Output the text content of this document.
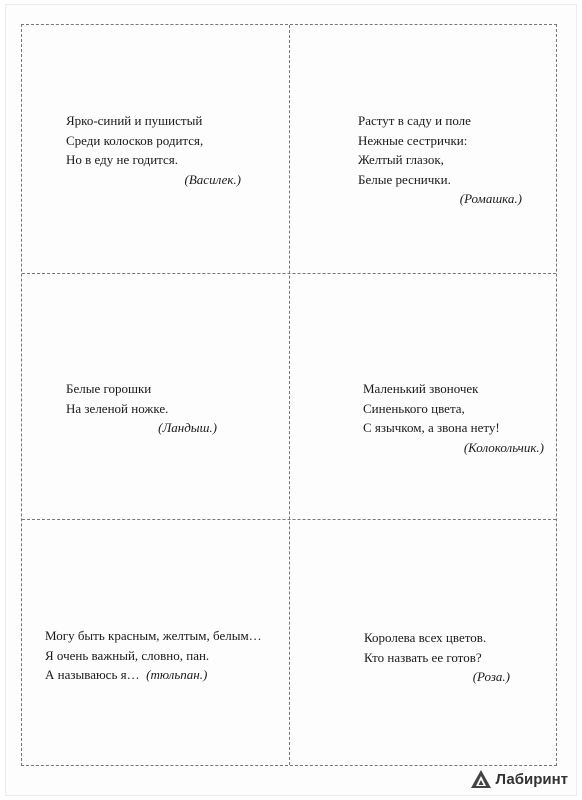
Ярко-синий и пушистый
Среди колосков родится,
Но в еду не годится.
(Василек.)
Растут в саду и поле
Нежные сестрички:
Желтый глазок,
Белые реснички.
(Ромашка.)
Белые горошки
На зеленой ножке.
(Ландыш.)
Маленький звоночек
Синенького цвета,
С язычком, а звона нету!
(Колокольчик.)
Могу быть красным, желтым, белым…
Я очень важный, словно, пан.
А называюсь я… (тюльпан.)
Королева всех цветов.
Кто назвать ее готов?
(Роза.)
Лабиринт
